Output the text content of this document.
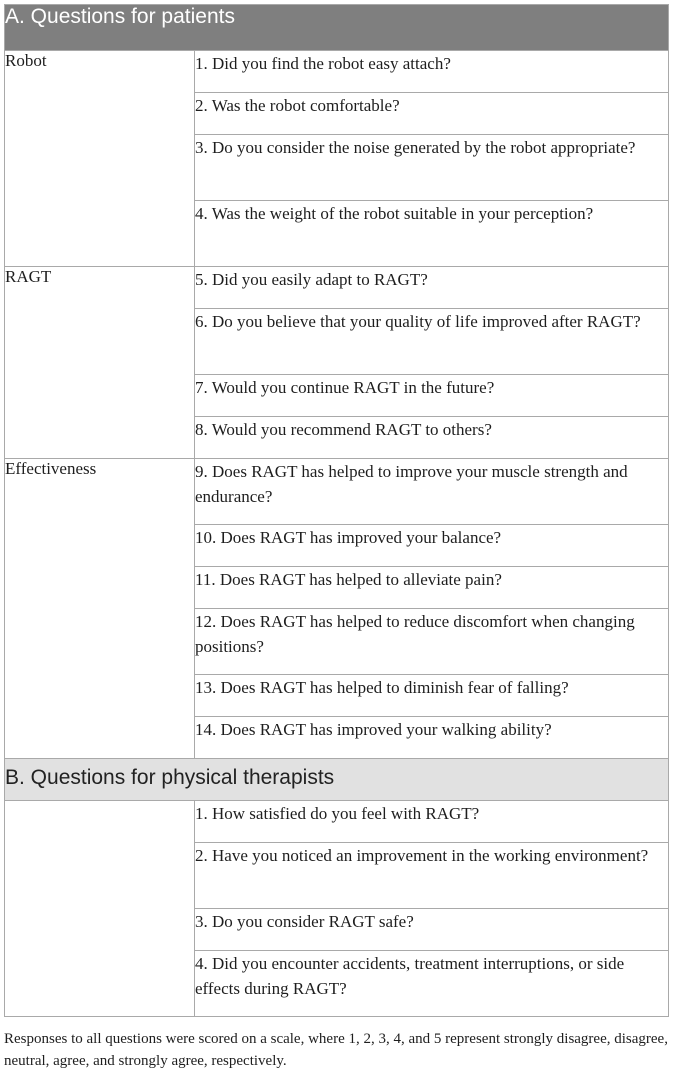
A. Questions for patients	
Robot	1. Did you find the robot easy attach?
	2. Was the robot comfortable?
	3. Do you consider the noise generated by the robot appropriate?
	4. Was the weight of the robot suitable in your perception?
RAGT	5. Did you easily adapt to RAGT?
	6. Do you believe that your quality of life improved after RAGT?
	7. Would you continue RAGT in the future?
	8. Would you recommend RAGT to others?
Effectiveness	9. Does RAGT has helped to improve your muscle strength and endurance?
	10. Does RAGT has improved your balance?
	11. Does RAGT has helped to alleviate pain?
	12. Does RAGT has helped to reduce discomfort when changing positions?
	13. Does RAGT has helped to diminish fear of falling?
	14. Does RAGT has improved your walking ability?
B. Questions for physical therapists	
	1. How satisfied do you feel with RAGT?
	2. Have you noticed an improvement in the working environment?
	3. Do you consider RAGT safe?
	4. Did you encounter accidents, treatment interruptions, or side effects during RAGT?
Responses to all questions were scored on a scale, where 1, 2, 3, 4, and 5 represent strongly disagree, disagree, neutral, agree, and strongly agree, respectively.
